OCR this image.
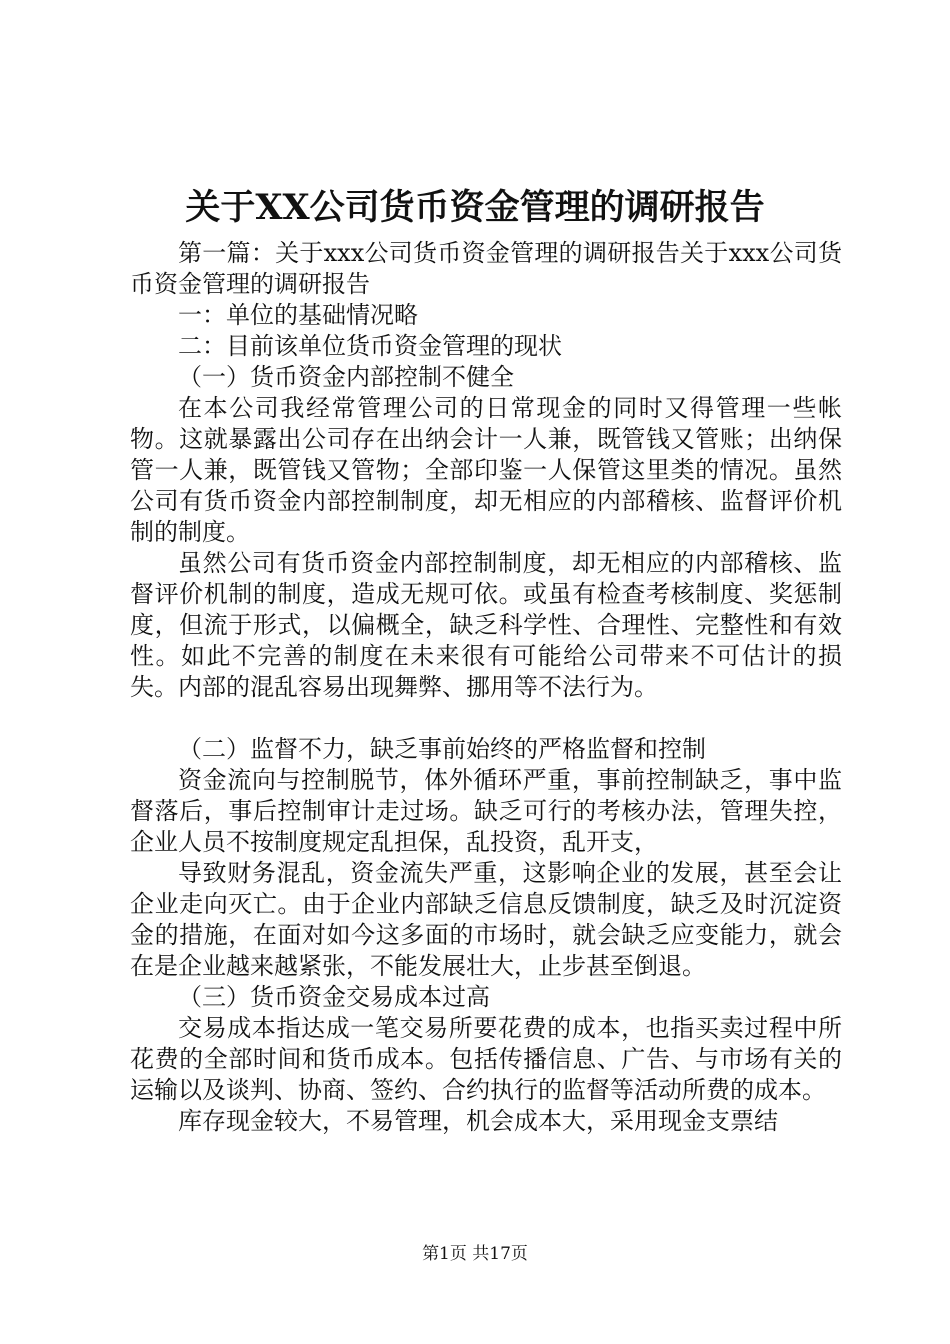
关于XX公司货币资金管理的调研报告

第一篇：关于xxx公司货币资金管理的调研报告关于xxx公司货币资金管理的调研报告

一：单位的基础情况略

二：目前该单位货币资金管理的现状

（一）货币资金内部控制不健全

在本公司我经常管理公司的日常现金的同时又得管理一些帐物。这就暴露出公司存在出纳会计一人兼，既管钱又管账；出纳保管一人兼，既管钱又管物；全部印鉴一人保管这里类的情况。虽然公司有货币资金内部控制制度，却无相应的内部稽核、监督评价机制的制度。

虽然公司有货币资金内部控制制度，却无相应的内部稽核、监督评价机制的制度，造成无规可依。或虽有检查考核制度、奖惩制度，但流于形式，以偏概全，缺乏科学性、合理性、完整性和有效性。如此不完善的制度在未来很有可能给公司带来不可估计的损失。内部的混乱容易出现舞弊、挪用等不法行为。

（二）监督不力，缺乏事前始终的严格监督和控制

资金流向与控制脱节，体外循环严重，事前控制缺乏，事中监督落后，事后控制审计走过场。缺乏可行的考核办法，管理失控，企业人员不按制度规定乱担保，乱投资，乱开支，

导致财务混乱，资金流失严重，这影响企业的发展，甚至会让企业走向灭亡。由于企业内部缺乏信息反馈制度，缺乏及时沉淀资金的措施，在面对如今这多面的市场时，就会缺乏应变能力，就会在是企业越来越紧张，不能发展壮大，止步甚至倒退。

（三）货币资金交易成本过高

交易成本指达成一笔交易所要花费的成本，也指买卖过程中所花费的全部时间和货币成本。包括传播信息、广告、与市场有关的运输以及谈判、协商、签约、合约执行的监督等活动所费的成本。

库存现金较大，不易管理，机会成本大，采用现金支票结

第1页 共17页
